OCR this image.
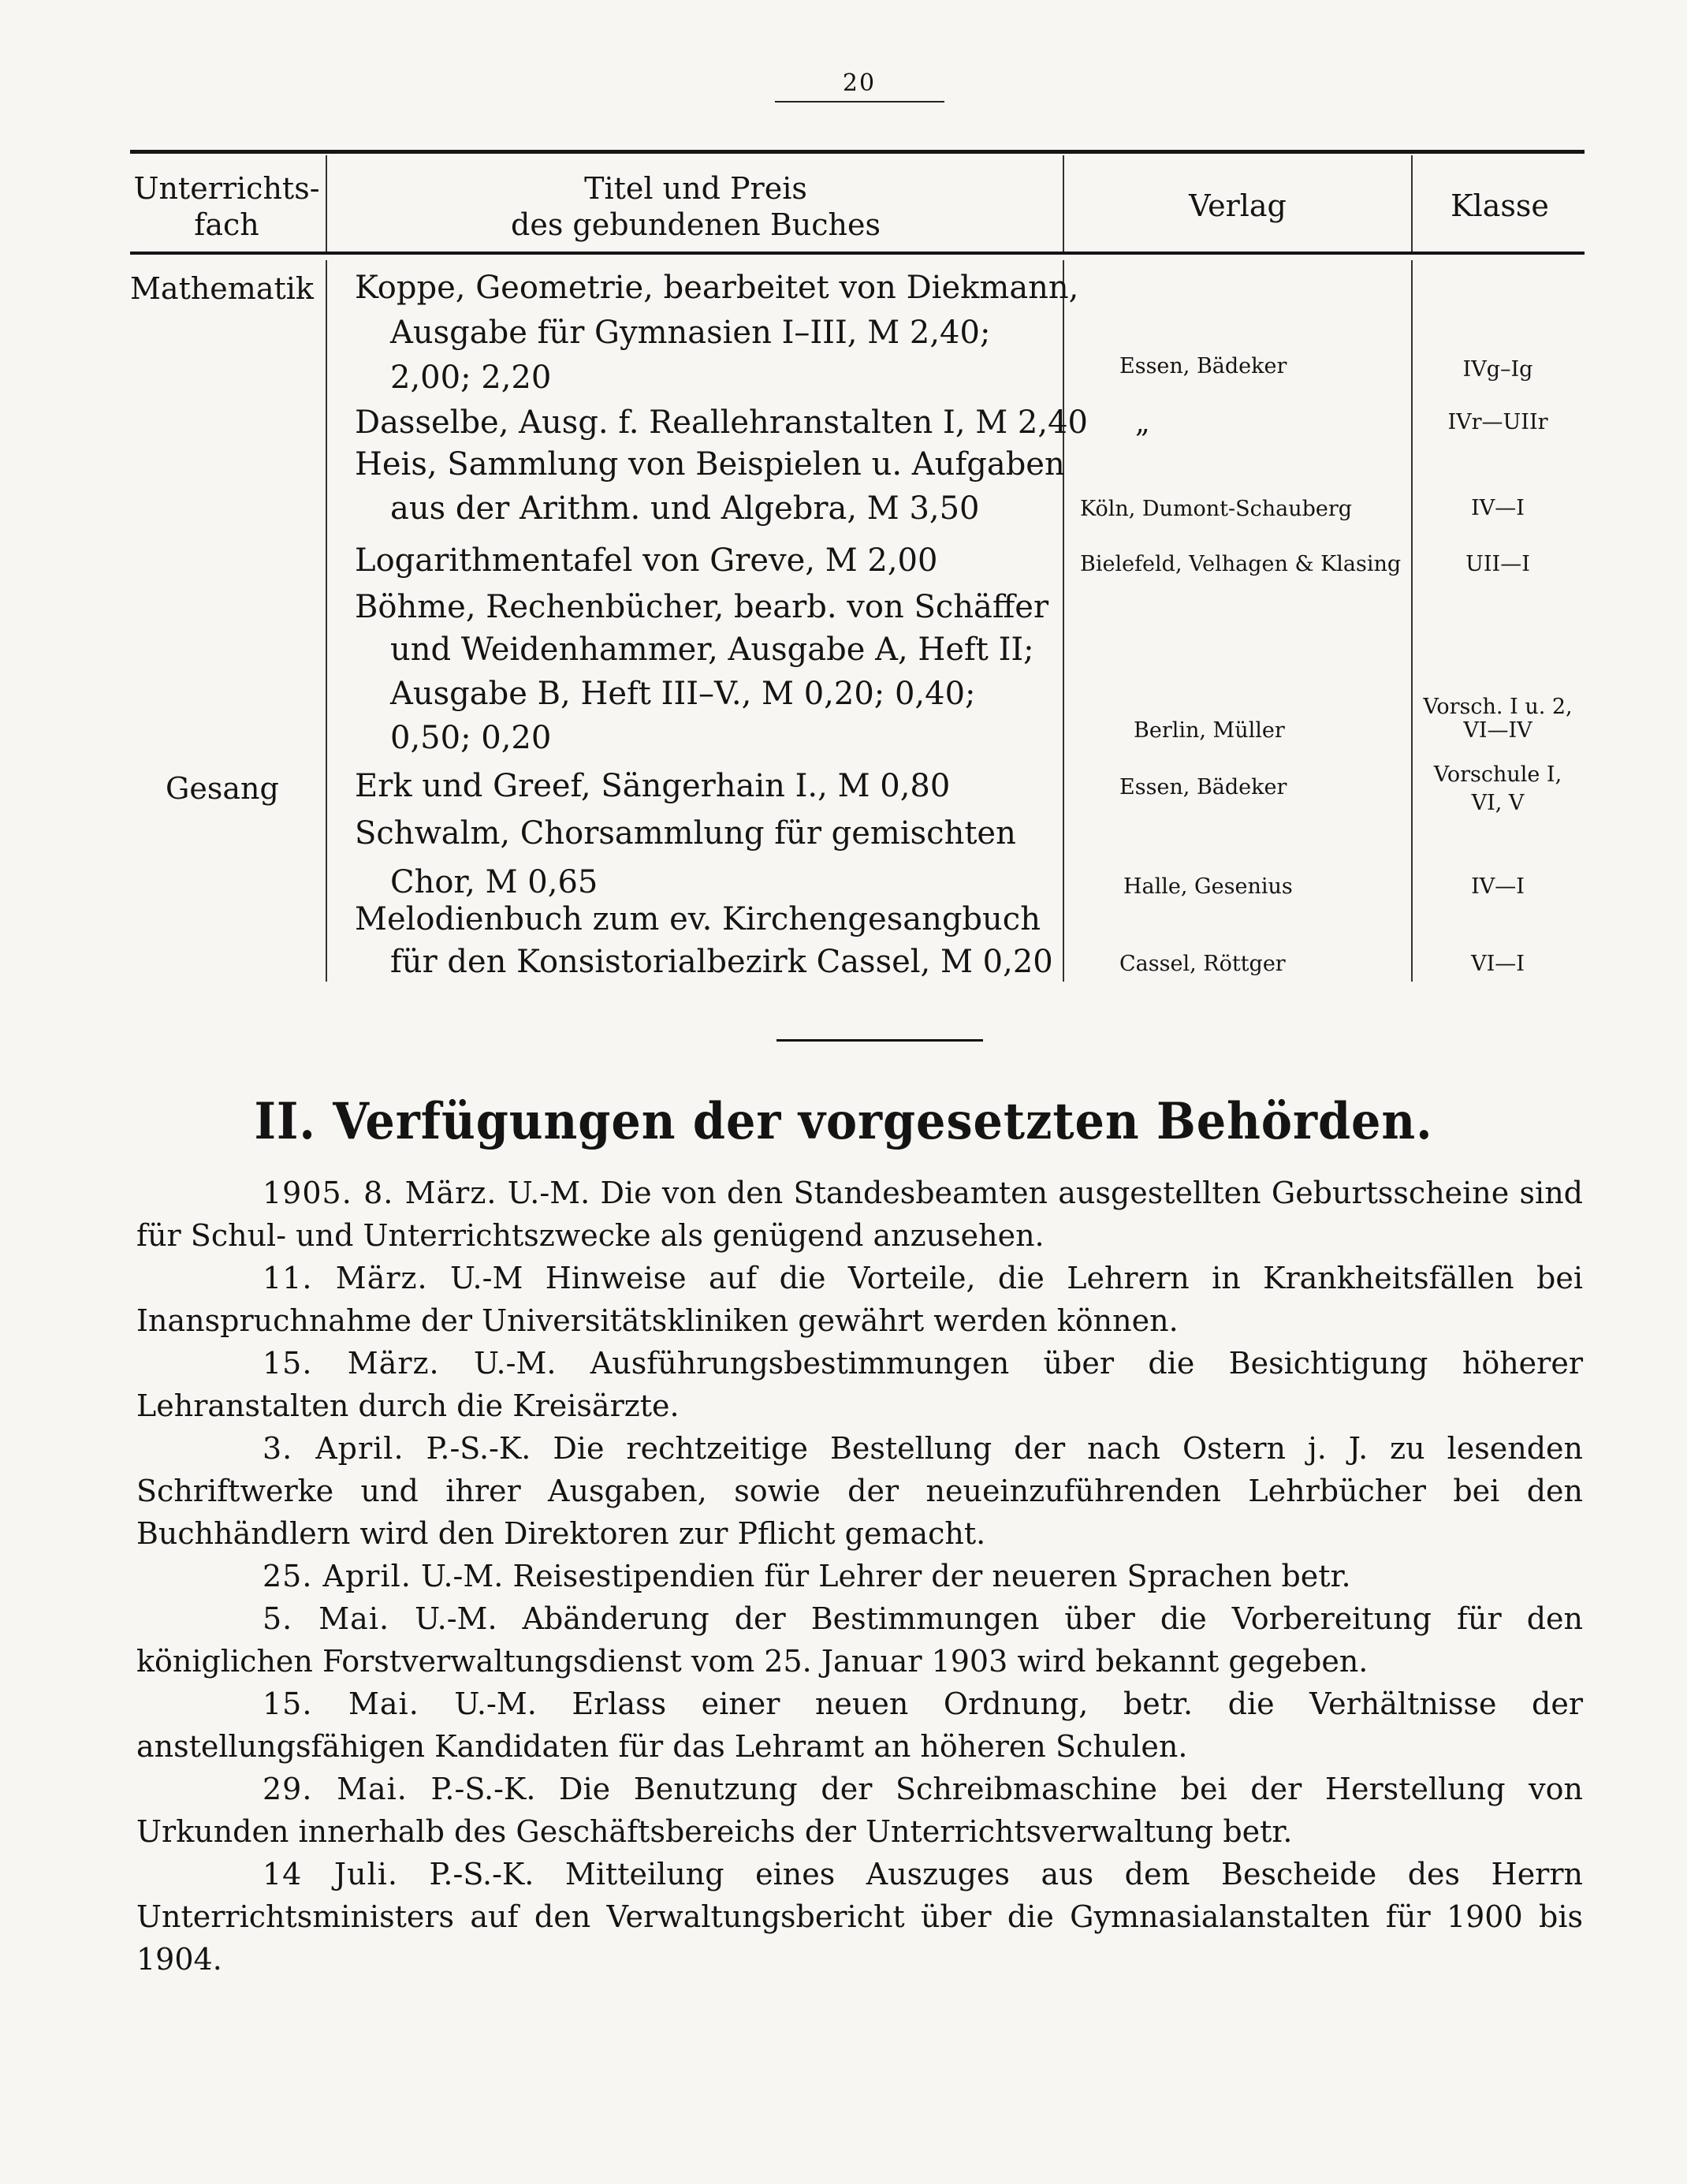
20
Unterrichts-
fach
Titel und Preis
des gebundenen Buches
Verlag	Klasse
Mathematik
Gesang
Koppe, Geometrie, bearbeitet von Diekmann,
Ausgabe für Gymnasien I–III, M 2,40;
2,00; 2,20
Dasselbe, Ausg. f. Reallehranstalten I, M 2,40
Heis, Sammlung von Beispielen u. Aufgaben
aus der Arithm. und Algebra, M 3,50
Logarithmentafel von Greve, M 2,00
Böhme, Rechenbücher, bearb. von Schäffer
und Weidenhammer, Ausgabe A, Heft II;
Ausgabe B, Heft III–V., M 0,20; 0,40;
0,50; 0,20
Erk und Greef, Sängerhain I., M 0,80
Schwalm, Chorsammlung für gemischten
Chor, M 0,65
Melodienbuch zum ev. Kirchengesangbuch
für den Konsistorialbezirk Cassel, M 0,20
Essen, Bädeker
„
Köln, Dumont-Schauberg
Bielefeld, Velhagen & Klasing
Berlin, Müller
Essen, Bädeker
Halle, Gesenius
Cassel, Röttger
IVg–Ig
IVr—UIIr
IV—I
UII—I
Vorsch. I u. 2,
VI—IV
Vorschule I,
VI, V
IV—I
VI—I
II. Verfügungen der vorgesetzten Behörden.
1905. 8. März. U.-M. Die von den Standesbeamten ausgestellten Geburtsscheine sind für Schul- und Unterrichtszwecke als genügend anzusehen.
11. März. U.-M Hinweise auf die Vorteile, die Lehrern in Krankheitsfällen bei Inanspruchnahme der Universitätskliniken gewährt werden können.
15. März. U.-M. Ausführungsbestimmungen über die Besichtigung höherer Lehranstalten durch die Kreisärzte.
3. April. P.-S.-K. Die rechtzeitige Bestellung der nach Ostern j. J. zu lesenden Schriftwerke und ihrer Ausgaben, sowie der neueinzuführenden Lehrbücher bei den Buchhändlern wird den Direktoren zur Pflicht gemacht.
25. April. U.-M. Reisestipendien für Lehrer der neueren Sprachen betr.
5. Mai. U.-M. Abänderung der Bestimmungen über die Vorbereitung für den königlichen Forstverwaltungsdienst vom 25. Januar 1903 wird bekannt gegeben.
15. Mai. U.-M. Erlass einer neuen Ordnung, betr. die Verhältnisse der anstellungsfähigen Kandidaten für das Lehramt an höheren Schulen.
29. Mai. P.-S.-K. Die Benutzung der Schreibmaschine bei der Herstellung von Urkunden innerhalb des Geschäftsbereichs der Unterrichtsverwaltung betr.
14 Juli. P.-S.-K. Mitteilung eines Auszuges aus dem Bescheide des Herrn Unterrichtsministers auf den Verwaltungsbericht über die Gymnasialanstalten für 1900 bis 1904.
